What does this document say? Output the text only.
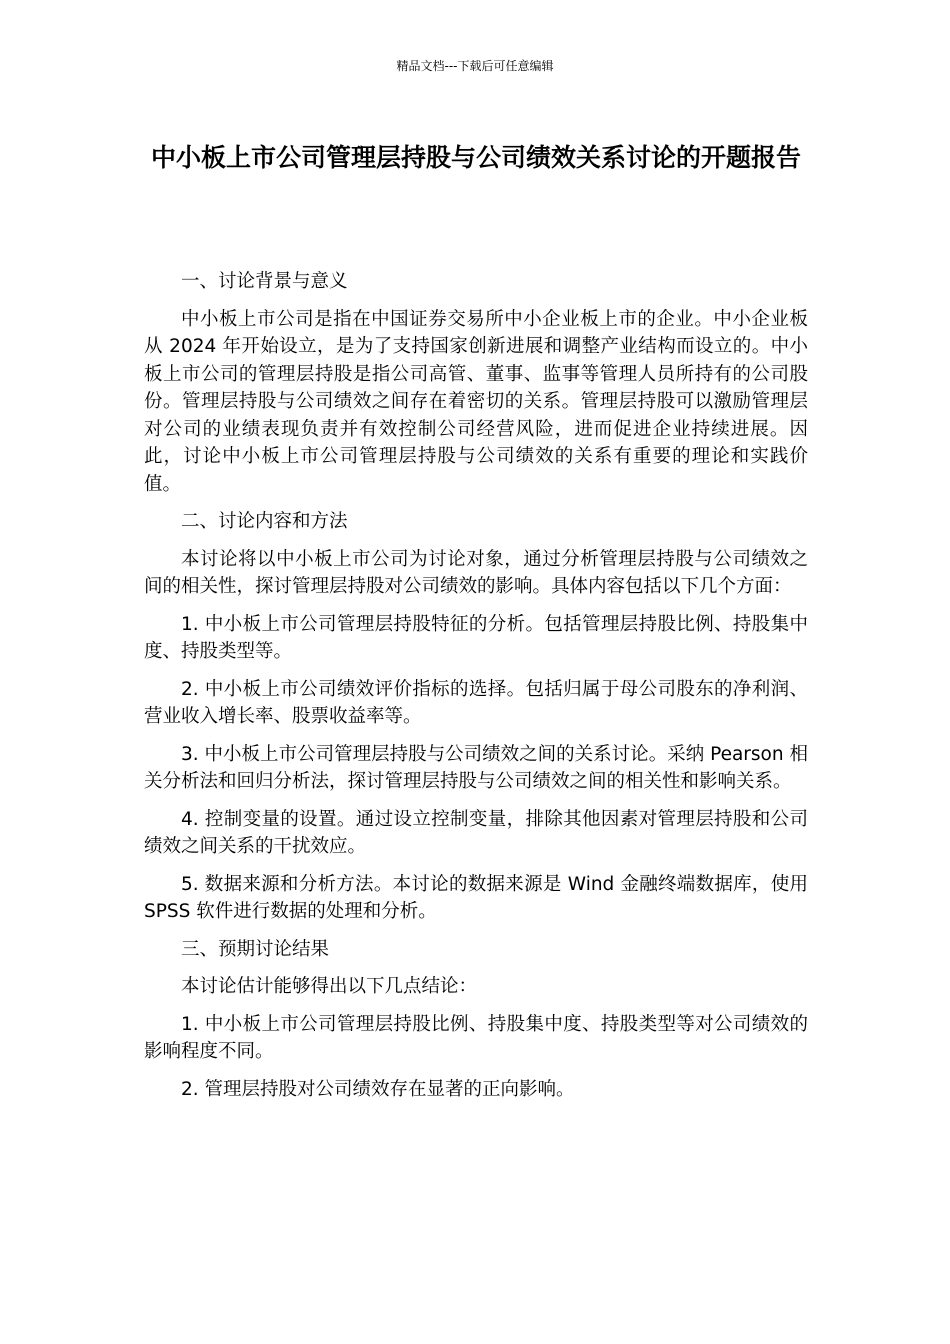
精品文档---下载后可任意编辑
中小板上市公司管理层持股与公司绩效关系讨论的开题报告

一、讨论背景与意义

中小板上市公司是指在中国证券交易所中小企业板上市的企业。中小企业板从 2024 年开始设立，是为了支持国家创新进展和调整产业结构而设立的。中小板上市公司的管理层持股是指公司高管、董事、监事等管理人员所持有的公司股份。管理层持股与公司绩效之间存在着密切的关系。管理层持股可以激励管理层对公司的业绩表现负责并有效控制公司经营风险，进而促进企业持续进展。因此，讨论中小板上市公司管理层持股与公司绩效的关系有重要的理论和实践价值。

二、讨论内容和方法

本讨论将以中小板上市公司为讨论对象，通过分析管理层持股与公司绩效之间的相关性，探讨管理层持股对公司绩效的影响。具体内容包括以下几个方面：

1. 中小板上市公司管理层持股特征的分析。包括管理层持股比例、持股集中度、持股类型等。

2. 中小板上市公司绩效评价指标的选择。包括归属于母公司股东的净利润、营业收入增长率、股票收益率等。

3. 中小板上市公司管理层持股与公司绩效之间的关系讨论。采纳 Pearson 相关分析法和回归分析法，探讨管理层持股与公司绩效之间的相关性和影响关系。

4. 控制变量的设置。通过设立控制变量，排除其他因素对管理层持股和公司绩效之间关系的干扰效应。

5. 数据来源和分析方法。本讨论的数据来源是 Wind 金融终端数据库，使用 SPSS 软件进行数据的处理和分析。

三、预期讨论结果

本讨论估计能够得出以下几点结论：

1. 中小板上市公司管理层持股比例、持股集中度、持股类型等对公司绩效的影响程度不同。

2. 管理层持股对公司绩效存在显著的正向影响。
